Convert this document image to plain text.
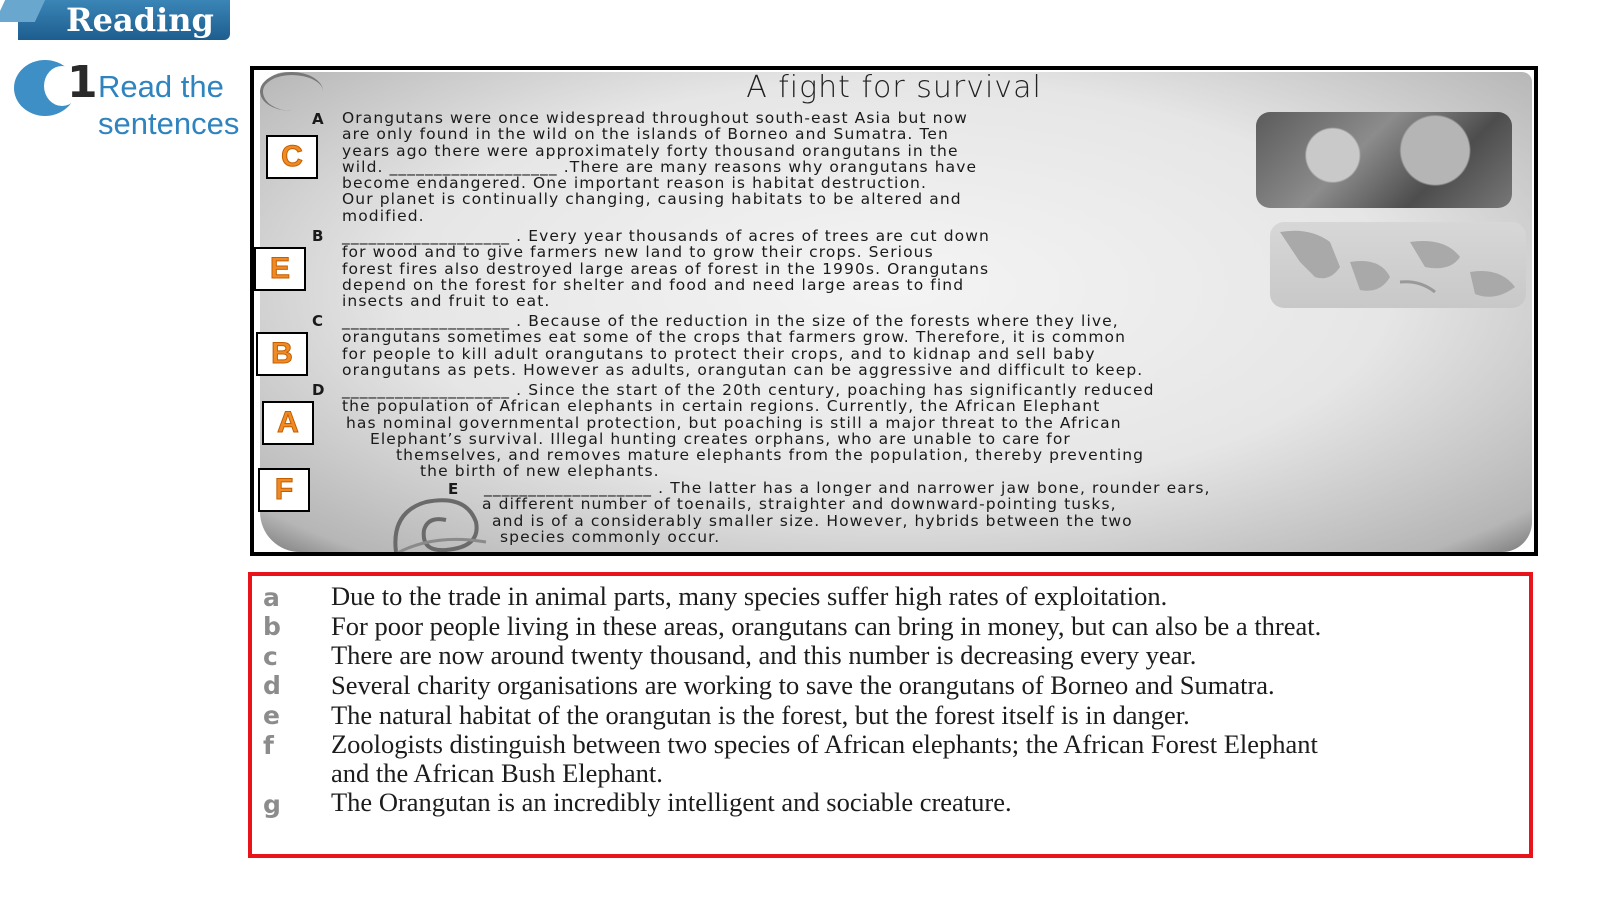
Reading
1 Read the
sentences
A fight for survival
A Orangutans were once widespread throughout south-east Asia but now
are only found in the wild on the islands of Borneo and Sumatra. Ten
years ago there were approximately forty thousand orangutans in the
wild. ___________________ .There are many reasons why orangutans have
become endangered. One important reason is habitat destruction.
Our planet is continually changing, causing habitats to be altered and
modified.
B ___________________ . Every year thousands of acres of trees are cut down
for wood and to give farmers new land to grow their crops. Serious
forest fires also destroyed large areas of forest in the 1990s. Orangutans
depend on the forest for shelter and food and need large areas to find
insects and fruit to eat.
C ___________________ . Because of the reduction in the size of the forests where they live,
orangutans sometimes eat some of the crops that farmers grow. Therefore, it is common
for people to kill adult orangutans to protect their crops, and to kidnap and sell baby
orangutans as pets. However as adults, orangutan can be aggressive and difficult to keep.
D ___________________ . Since the start of the 20th century, poaching has significantly reduced
the population of African elephants in certain regions. Currently, the African Elephant
has nominal governmental protection, but poaching is still a major threat to the African
Elephant’s survival. Illegal hunting creates orphans, who are unable to care for
themselves, and removes mature elephants from the population, thereby preventing
the birth of new elephants.
E ___________________ . The latter has a longer and narrower jaw bone, rounder ears,
a different number of toenails, straighter and downward-pointing tusks,
and is of a considerably smaller size. However, hybrids between the two
species commonly occur.
C
E
B
A
F
a Due to the trade in animal parts, many species suffer high rates of exploitation.
b For poor people living in these areas, orangutans can bring in money, but can also be a threat.
c There are now around twenty thousand, and this number is decreasing every year.
d Several charity organisations are working to save the orangutans of Borneo and Sumatra.
e The natural habitat of the orangutan is the forest, but the forest itself is in danger.
f Zoologists distinguish between two species of African elephants; the African Forest Elephant
and the African Bush Elephant.
g The Orangutan is an incredibly intelligent and sociable creature.
